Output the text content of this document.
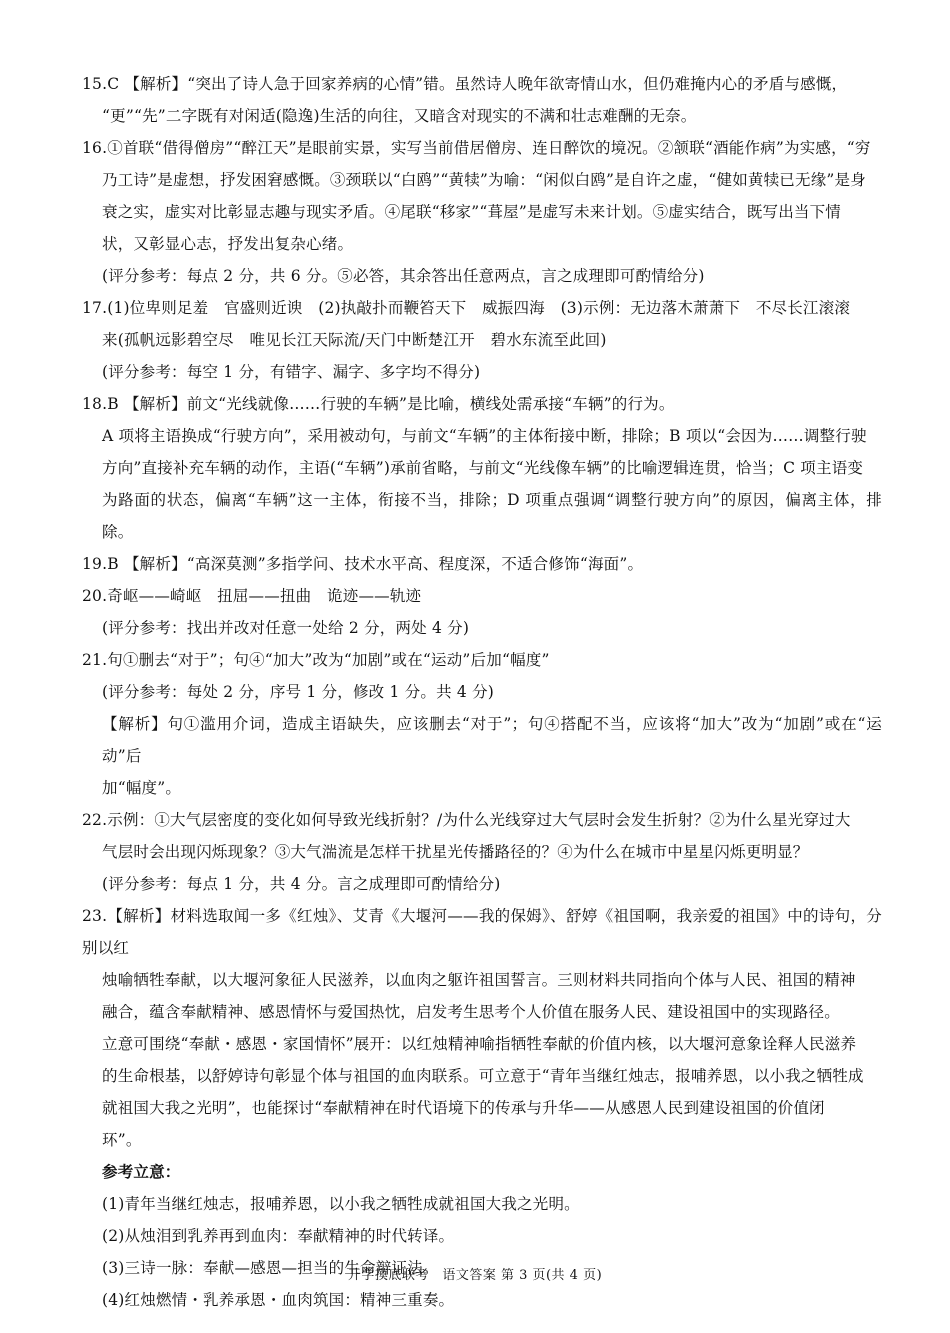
15.C 【解析】“突出了诗人急于回家养病的心情”错。虽然诗人晚年欲寄情山水，但仍难掩内心的矛盾与感慨，

“更”“先”二字既有对闲适(隐逸)生活的向往，又暗含对现实的不满和壮志难酬的无奈。

16.①首联“借得僧房”“醉江天”是眼前实景，实写当前借居僧房、连日醉饮的境况。②颔联“酒能作病”为实感，“穷

乃工诗”是虚想，抒发困窘感慨。③颈联以“白鸥”“黄犊”为喻：“闲似白鸥”是自许之虚，“健如黄犊已无缘”是身

衰之实，虚实对比彰显志趣与现实矛盾。④尾联“移家”“葺屋”是虚写未来计划。⑤虚实结合，既写出当下情

状，又彰显心志，抒发出复杂心绪。

(评分参考：每点 2 分，共 6 分。⑤必答，其余答出任意两点，言之成理即可酌情给分)

17.(1)位卑则足羞　官盛则近谀　(2)执敲扑而鞭笞天下　威振四海　(3)示例：无边落木萧萧下　不尽长江滚滚

来(孤帆远影碧空尽　唯见长江天际流/天门中断楚江开　碧水东流至此回)

(评分参考：每空 1 分，有错字、漏字、多字均不得分)

18.B 【解析】前文“光线就像……行驶的车辆”是比喻，横线处需承接“车辆”的行为。

A 项将主语换成“行驶方向”，采用被动句，与前文“车辆”的主体衔接中断，排除；B 项以“会因为……调整行驶

方向”直接补充车辆的动作，主语(“车辆”)承前省略，与前文“光线像车辆”的比喻逻辑连贯，恰当；C 项主语变

为路面的状态，偏离“车辆”这一主体，衔接不当，排除；D 项重点强调“调整行驶方向”的原因，偏离主体，排除。

19.B 【解析】“高深莫测”多指学问、技术水平高、程度深，不适合修饰“海面”。

20.奇岖——崎岖　扭屈——扭曲　诡迹——轨迹

(评分参考：找出并改对任意一处给 2 分，两处 4 分)

21.句①删去“对于”；句④“加大”改为“加剧”或在“运动”后加“幅度”

(评分参考：每处 2 分，序号 1 分，修改 1 分。共 4 分)

【解析】句①滥用介词，造成主语缺失，应该删去“对于”；句④搭配不当，应该将“加大”改为“加剧”或在“运动”后

加“幅度”。

22.示例：①大气层密度的变化如何导致光线折射？/为什么光线穿过大气层时会发生折射？②为什么星光穿过大

气层时会出现闪烁现象？③大气湍流是怎样干扰星光传播路径的？④为什么在城市中星星闪烁更明显？

(评分参考：每点 1 分，共 4 分。言之成理即可酌情给分)

23.【解析】材料选取闻一多《红烛》、艾青《大堰河——我的保姆》、舒婷《祖国啊，我亲爱的祖国》中的诗句，分别以红

烛喻牺牲奉献，以大堰河象征人民滋养，以血肉之躯许祖国誓言。三则材料共同指向个体与人民、祖国的精神

融合，蕴含奉献精神、感恩情怀与爱国热忱，启发考生思考个人价值在服务人民、建设祖国中的实现路径。

立意可围绕“奉献・感恩・家国情怀”展开：以红烛精神喻指牺牲奉献的价值内核，以大堰河意象诠释人民滋养

的生命根基，以舒婷诗句彰显个体与祖国的血肉联系。可立意于“青年当继红烛志，报哺养恩，以小我之牺牲成

就祖国大我之光明”，也能探讨“奉献精神在时代语境下的传承与升华——从感恩人民到建设祖国的价值闭

环”。

参考立意：

(1)青年当继红烛志，报哺养恩，以小我之牺牲成就祖国大我之光明。

(2)从烛泪到乳养再到血肉：奉献精神的时代转译。

(3)三诗一脉：奉献—感恩—担当的生命辩证法。

(4)红烛燃情・乳养承恩・血肉筑国：精神三重奏。

开学摸底联考　语文答案 第 3 页(共 4 页)
